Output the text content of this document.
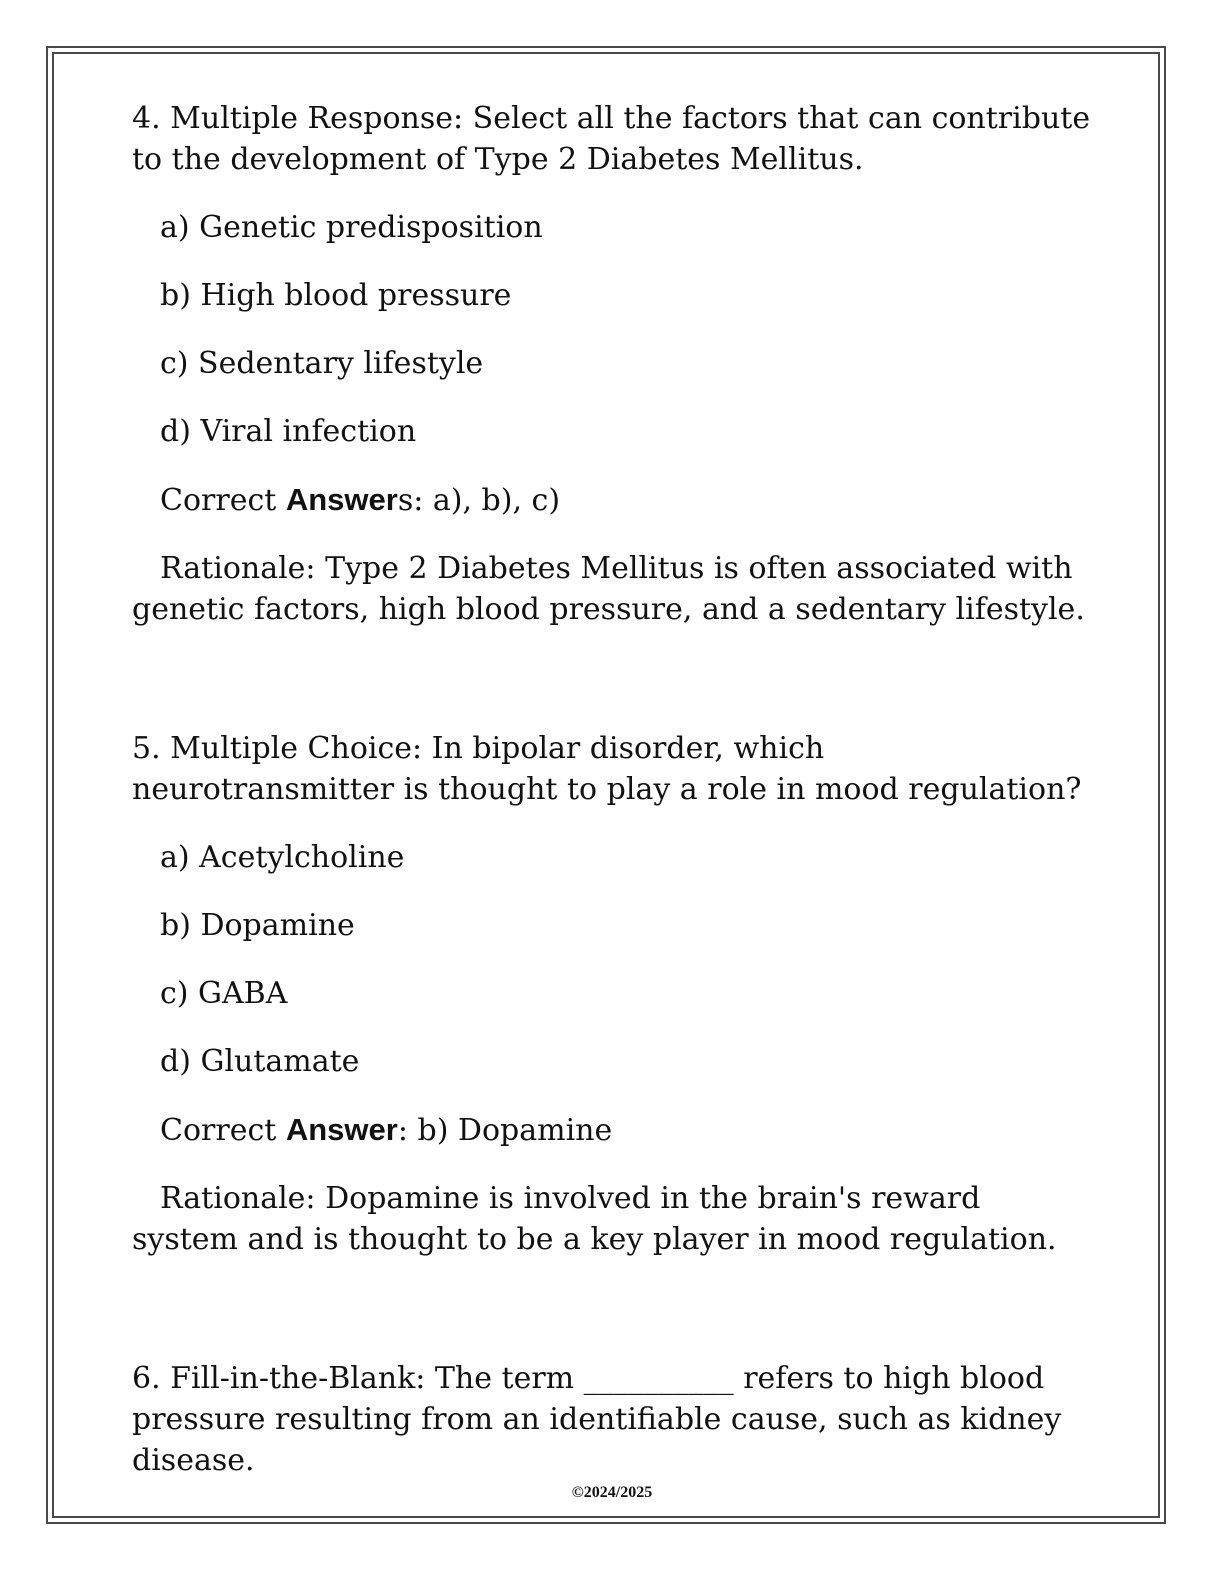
4. Multiple Response: Select all the factors that can contribute to the development of Type 2 Diabetes Mellitus.

a) Genetic predisposition
b) High blood pressure
c) Sedentary lifestyle
d) Viral infection
Correct Answers: a), b), c)

Rationale: Type 2 Diabetes Mellitus is often associated with genetic factors, high blood pressure, and a sedentary lifestyle.

5. Multiple Choice: In bipolar disorder, which neurotransmitter is thought to play a role in mood regulation?

a) Acetylcholine
b) Dopamine
c) GABA
d) Glutamate
Correct Answer: b) Dopamine

Rationale: Dopamine is involved in the brain's reward system and is thought to be a key player in mood regulation.

6. Fill-in-the-Blank: The term __________ refers to high blood pressure resulting from an identifiable cause, such as kidney disease.

©2024/2025
